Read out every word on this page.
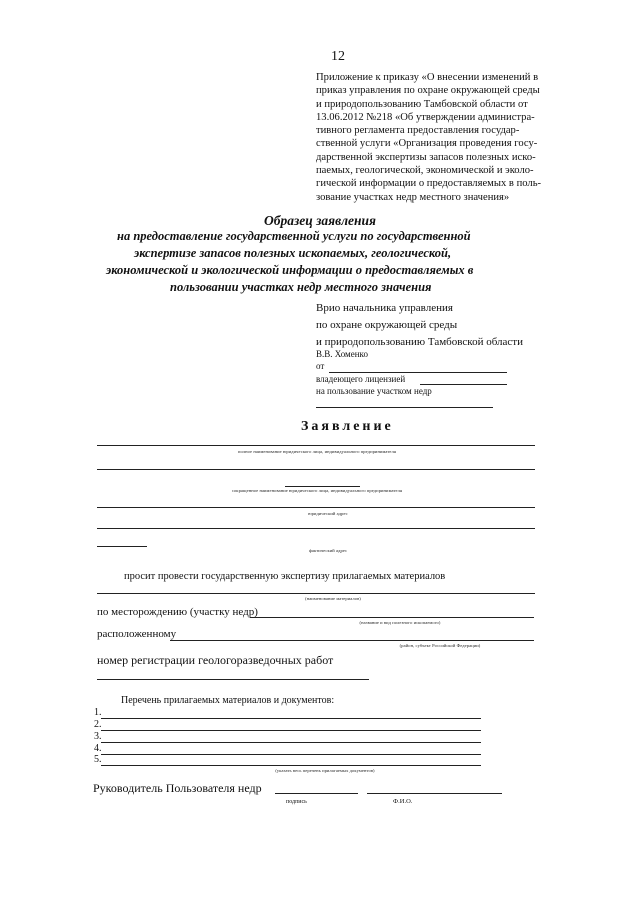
12
Приложение к приказу «О внесении изменений в
приказ управления по охране окружающей среды
и природопользованию Тамбовской области от
13.06.2012 №218 «Об утверждении администра-
тивного регламента предоставления государ-
ственной услуги «Организация проведения госу-
дарственной экспертизы запасов полезных иско-
паемых, геологической, экономической и эколо-
гической информации о предоставляемых в поль-
зование участках недр местного значения»
Образец заявления
на предоставление государственной услуги по государственной
экспертизе запасов полезных ископаемых, геологической,
экономической и экологической информации о предоставляемых в
пользовании участках недр местного значения
Врио начальника управления
по охране окружающей среды
и природопользованию Тамбовской области
В.В. Хоменко
от
владеющего лицензией
на пользование участком недр
Заявление
полное наименование юридического лица, индивидуального предпринимателя
сокращенное наименование юридического лица, индивидуального предпринимателя
юридический адрес
фактический адрес
просит провести государственную экспертизу прилагаемых материалов
(наименование материалов)
по месторождению (участку недр)
(название и вид полезного ископаемого)
расположенному
(район, субъект Российской Федерации)
номер регистрации геологоразведочных работ
Перечень прилагаемых материалов и документов:
1.
2.
3.
4.
5.
(указать весь перечень прилагаемых документов)
Руководитель Пользователя недр
подпись	Ф.И.О.
